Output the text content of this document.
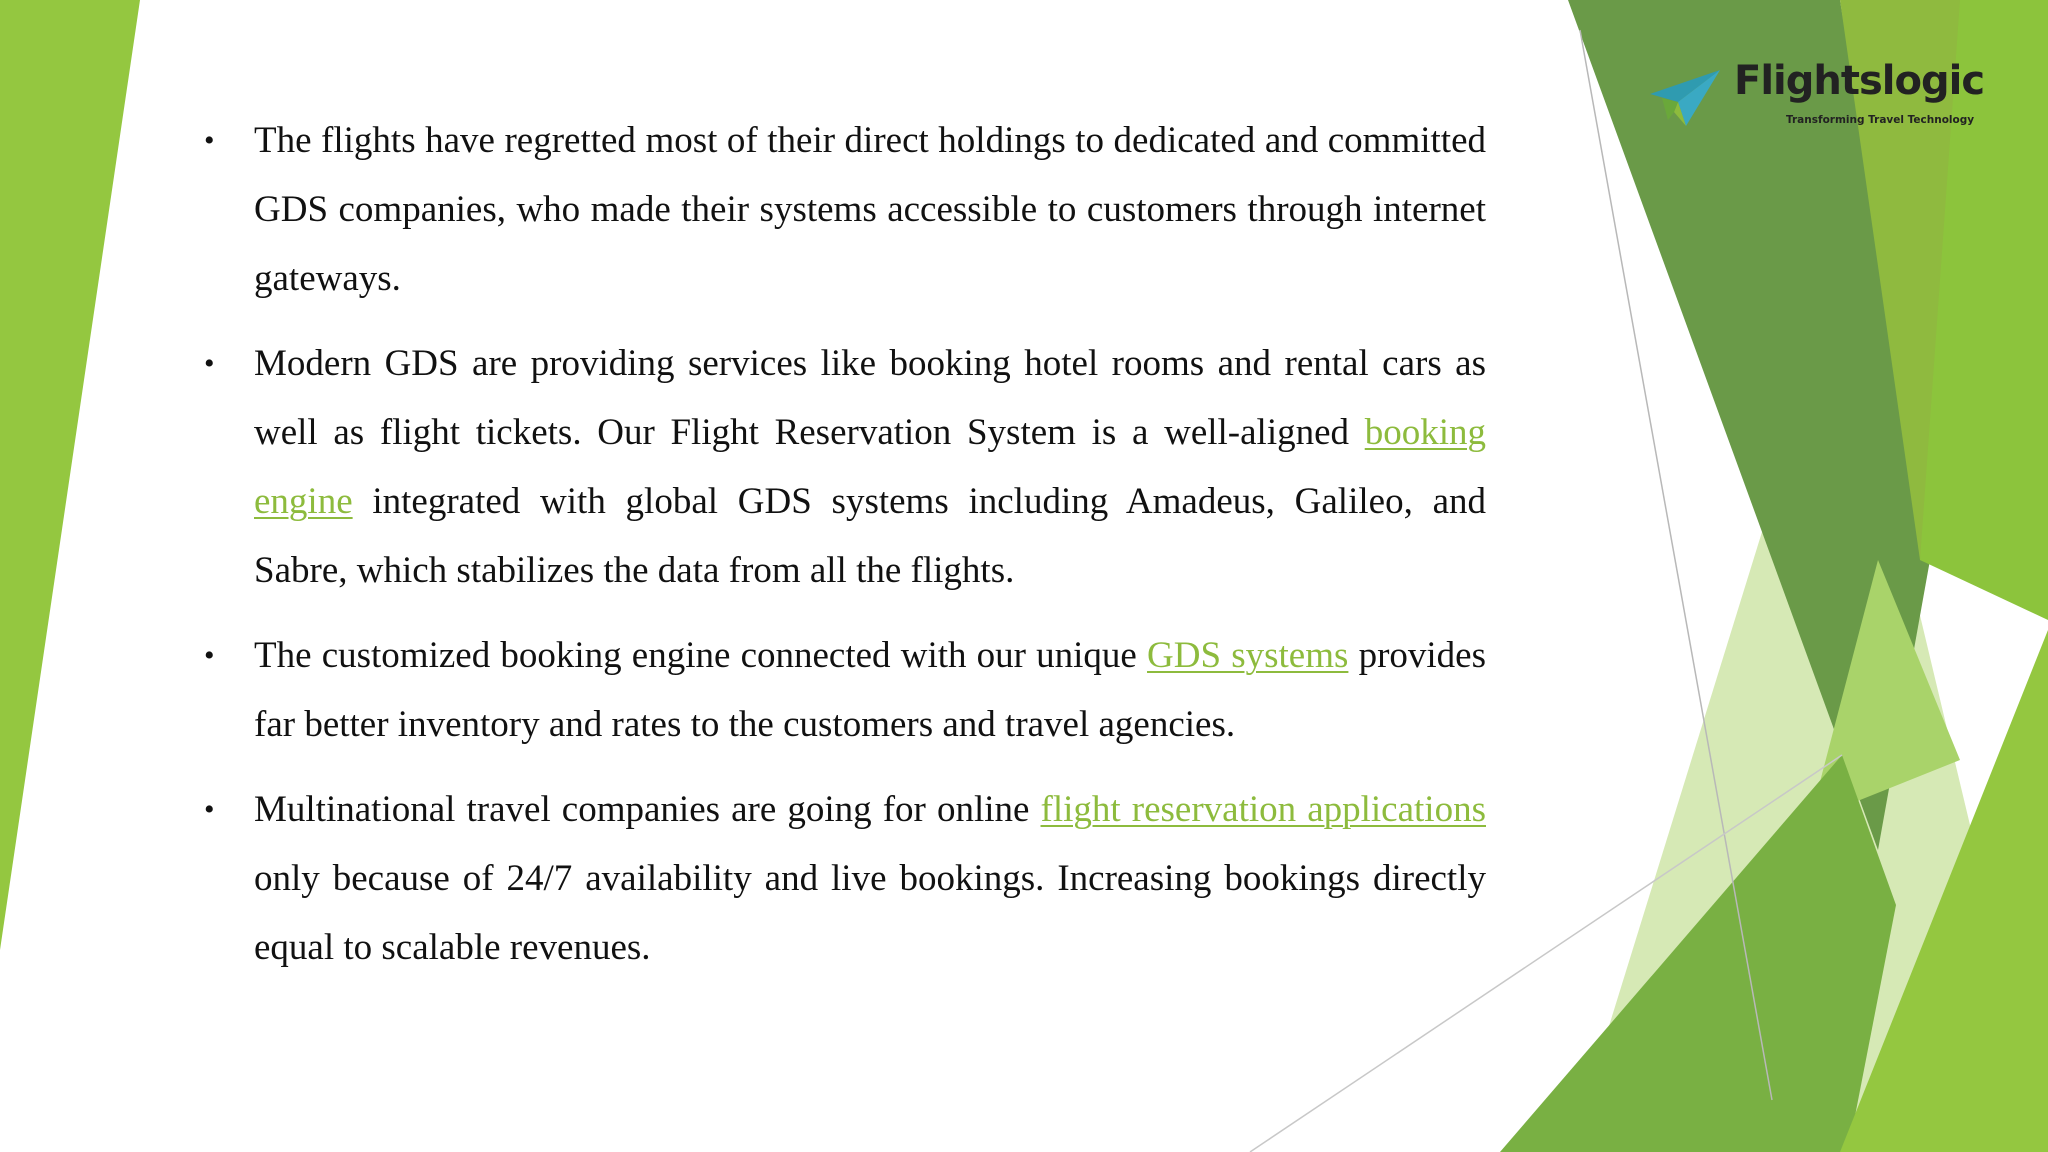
Flightslogic
Transforming Travel Technology
• The flights have regretted most of their direct holdings to dedicated and committed GDS companies, who made their systems accessible to customers through internet gateways.
• Modern GDS are providing services like booking hotel rooms and rental cars as well as flight tickets. Our Flight Reservation System is a well-aligned booking engine integrated with global GDS systems including Amadeus, Galileo, and Sabre, which stabilizes the data from all the flights.
• The customized booking engine connected with our unique GDS systems provides far better inventory and rates to the customers and travel agencies.
• Multinational travel companies are going for online flight reservation applications only because of 24/7 availability and live bookings. Increasing bookings directly equal to scalable revenues.
